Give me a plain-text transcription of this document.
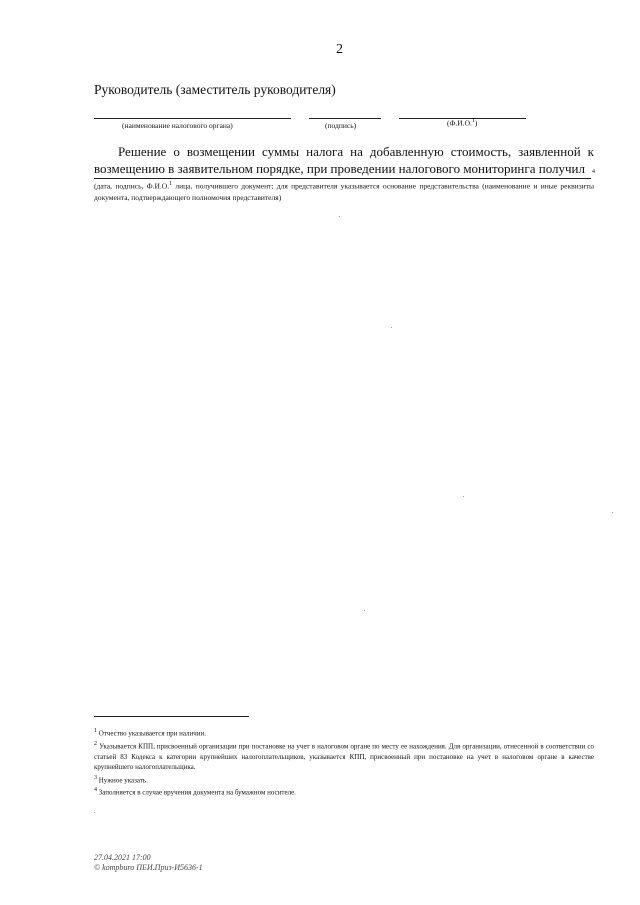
2
Руководитель (заместитель руководителя)
(наименование налогового органа)	(подпись)	(Ф.И.О.$^1$)
Решение о возмещении суммы налога на добавленную стоимость, заявленной к возмещению в заявительном порядке, при проведении налогового мониторинга получил	4
(дата, подпись, Ф.И.О.$^1$ лица, получившего документ; для представителя указывается основание представительства (наименование и иные реквизиты документа, подтверждающего полномочия представителя)
1 Отчество указывается при наличии.
2 Указывается КПП, присвоенный организации при постановке на учет в налоговом органе по месту ее нахождения. Для организации, отнесенной в соответствии со статьей 83 Кодекса к категории крупнейших налогоплательщиков, указывается КПП, присвоенный при постановке на учет в налоговом органе в качестве крупнейшего налогоплательщика.
3 Нужное указать.
4 Заполняется в случае вручения документа на бумажном носителе.
27.04.2021 17:00
© kompburo ПЕИ.Приз-И5636-1
